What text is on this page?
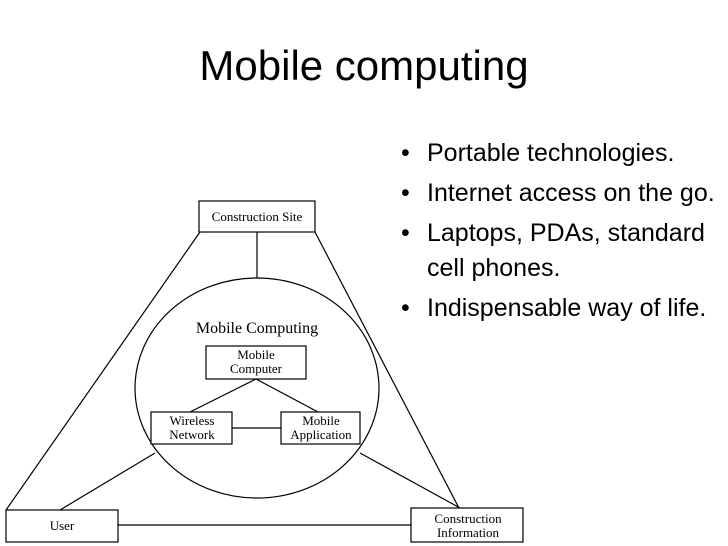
Mobile computing
• Portable technologies.
• Internet access on the go.
• Laptops, PDAs, standard cell phones.
• Indispensable way of life.
Construction Site
User	Construction
Information
Mobile Computing
Mobile
Computer
Wireless
Network
Mobile
Application
